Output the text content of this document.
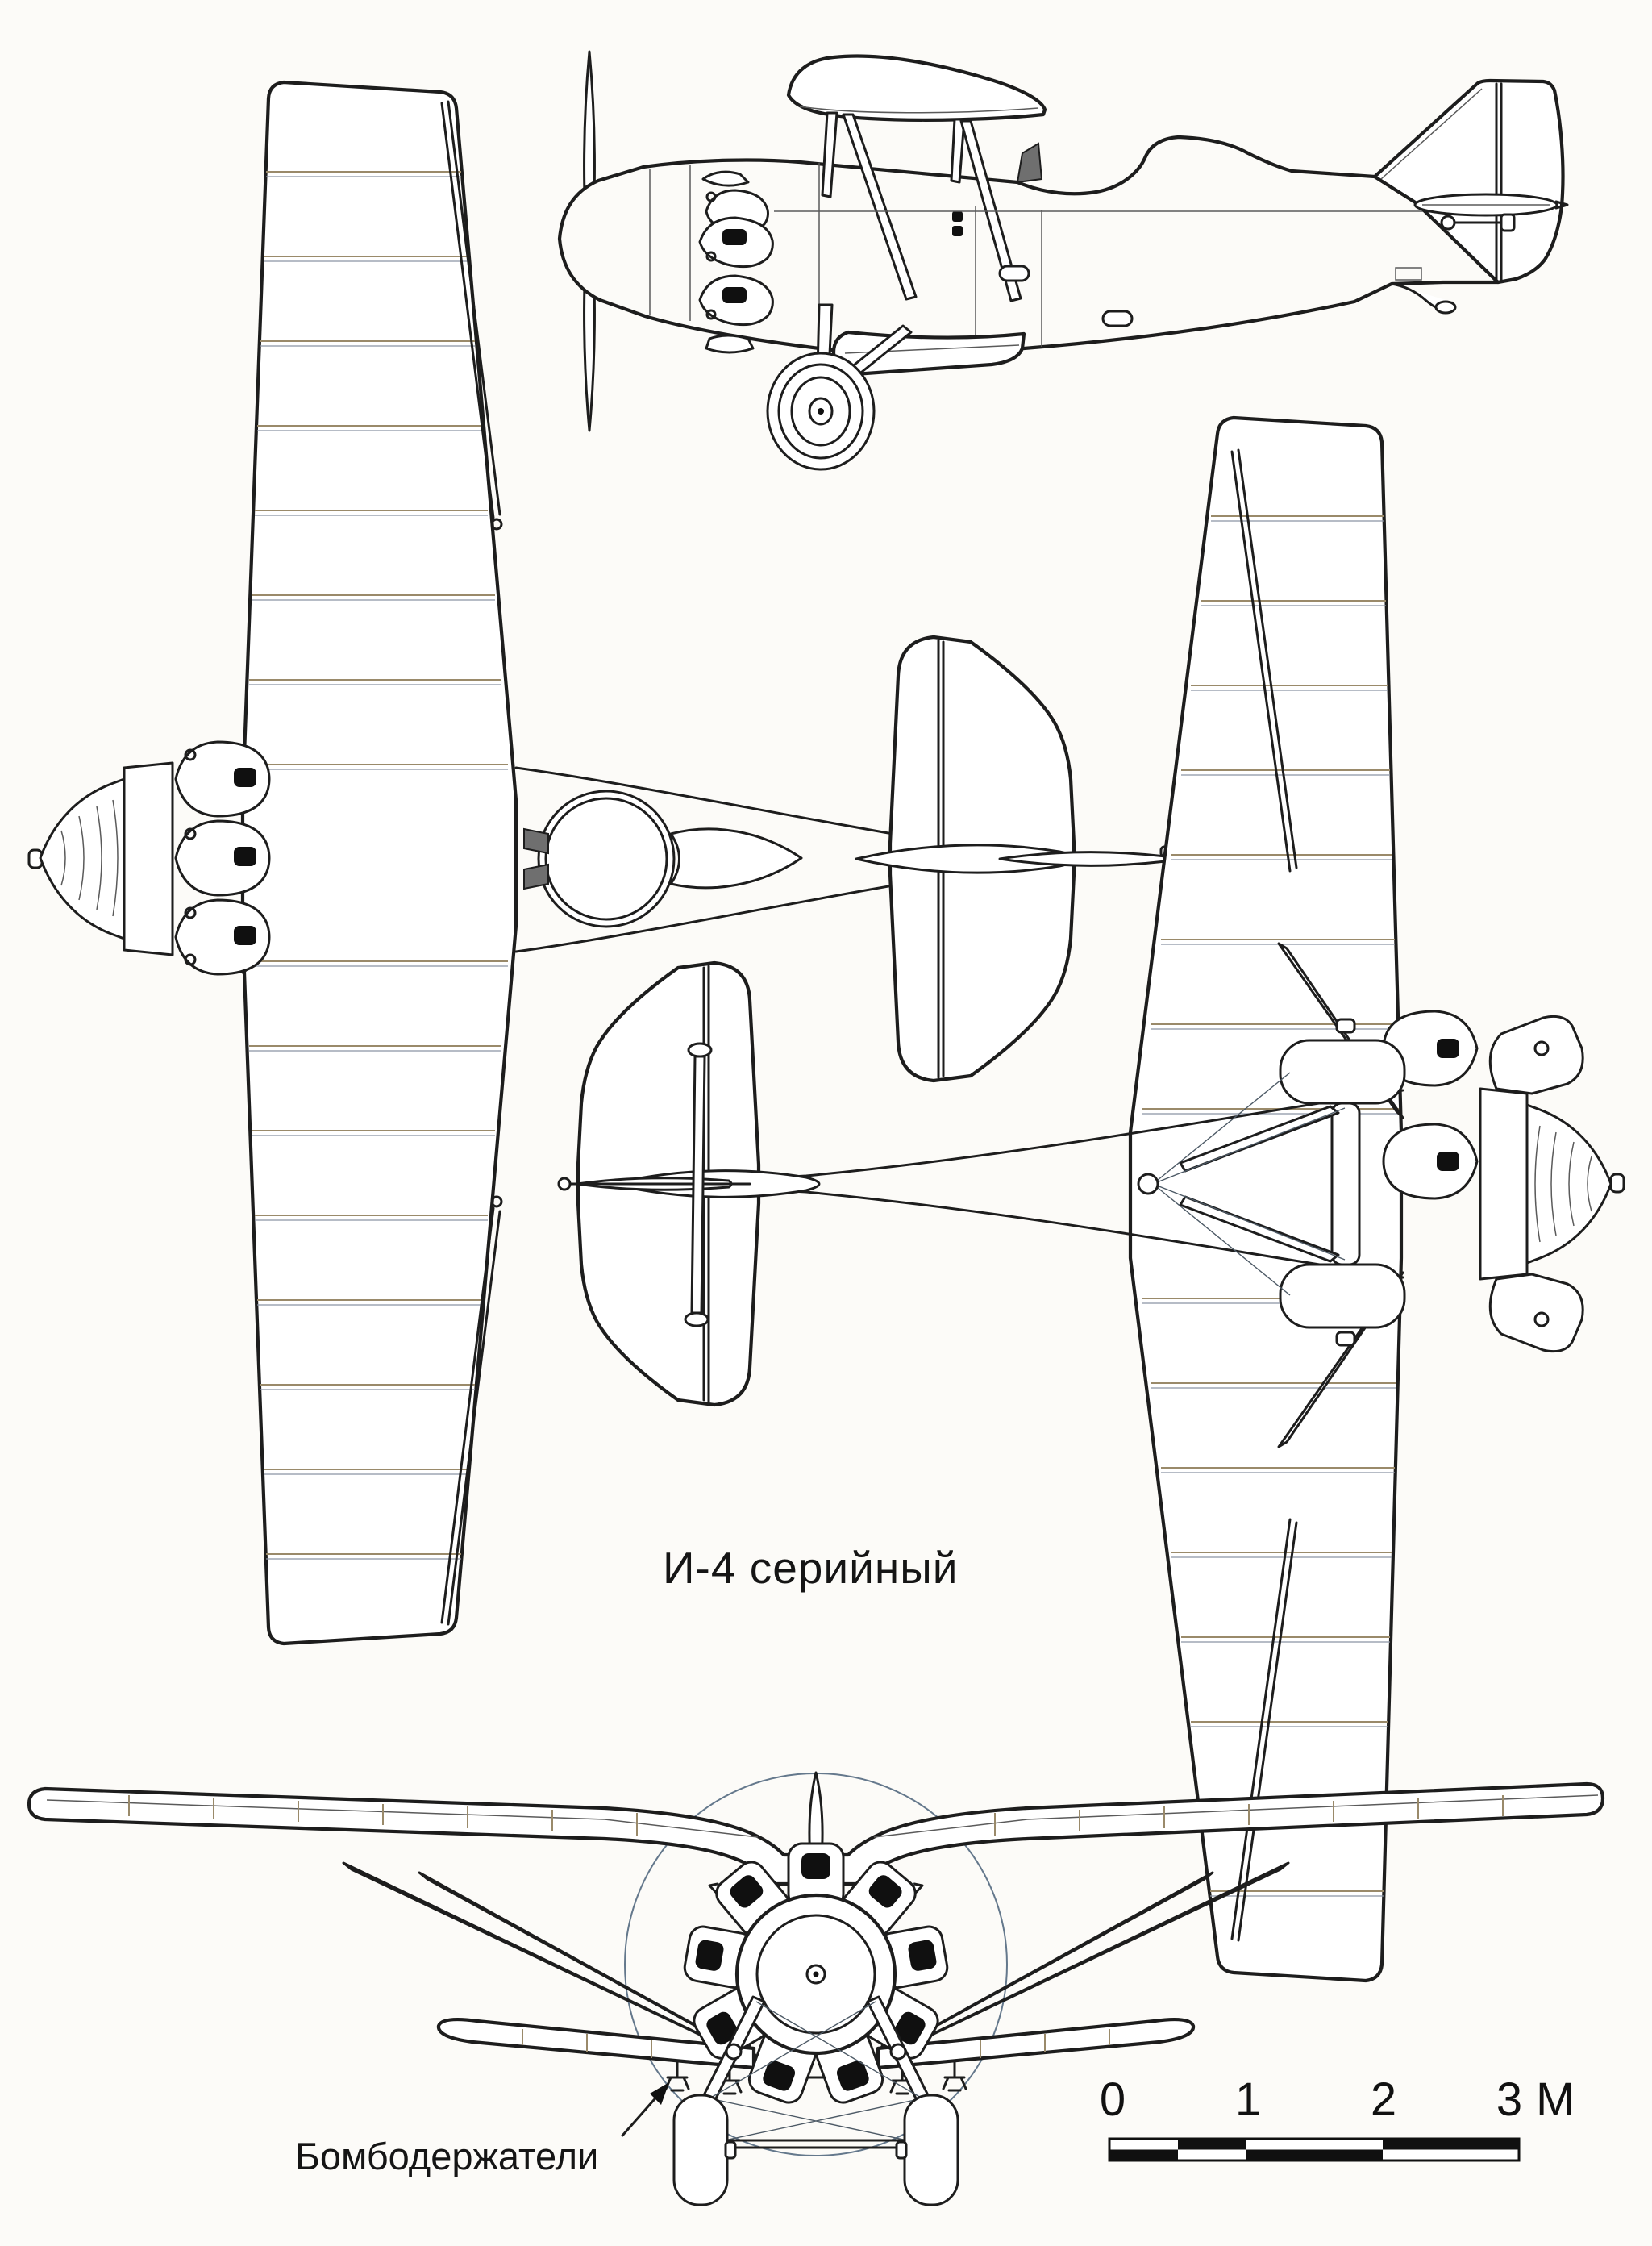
И-4 серийный
Бомбодержатели
0 1 2 3 М
